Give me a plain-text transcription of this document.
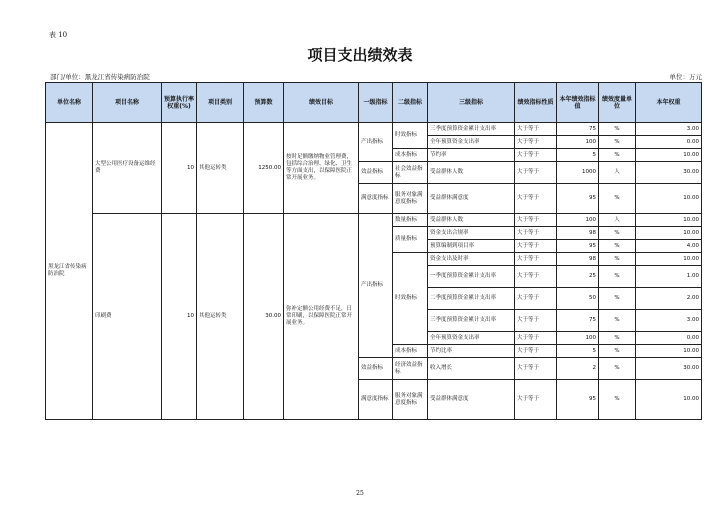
表 10
项目支出绩效表
部门/单位：黑龙江省传染病防治院	单位：万元
单位名称	项目名称	预算执行率权重(%)	项目类别	预算数	绩效目标	一级指标	二级指标	三级指标	绩效指标性质	本年绩效指标值	绩效度量单位	本年权重
黑龙江省传染病防治院	大型公用医疗设备运维经费	10	其他运转类	1250.00	按时足额缴纳物业管理费，包括综合治理、绿化、卫生等方面支出，以保障医院正常开展业务。	产出指标	时效指标	三季度预算资金累计支出率	大于等于	75	%	3.00
								全年预算资金支出率	大于等于	100	%	0.00
							成本指标	节约率	大于等于	5	%	10.00
						效益指标	社会效益指标	受益群体人数	大于等于	1000	人	30.00
						满意度指标	服务对象满意度指标	受益群体满意度	大于等于	95	%	10.00
	印刷费	10	其他运转类	30.00	弥补定额公用经费不足，日常印刷，以保障医院正常开展业务。	产出指标	数量指标	受益群体人数	大于等于	100	人	10.00
							质量指标	资金支出合规率	大于等于	98	%	10.00
								预算编制到项目率	大于等于	95	%	4.00
							时效指标	资金支出及时率	大于等于	98	%	10.00
								一季度预算资金累计支出率	大于等于	25	%	1.00
								二季度预算资金累计支出率	大于等于	50	%	2.00
								三季度预算资金累计支出率	大于等于	75	%	3.00
								全年预算资金支出率	大于等于	100	%	0.00
							成本指标	节约比率	大于等于	5	%	10.00
						效益指标	经济效益指标	收入增长	大于等于	2	%	30.00
						满意度指标	服务对象满意度指标	受益群体满意度	大于等于	95	%	10.00
25
